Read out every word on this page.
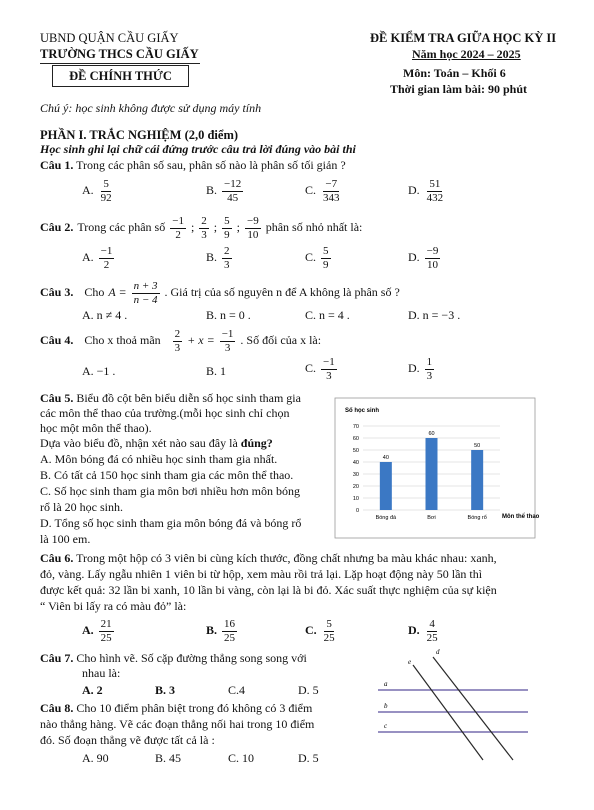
UBND QUẬN CẦU GIẤY
TRƯỜNG THCS CẦU GIẤY
ĐỀ CHÍNH THỨC
ĐỀ KIỂM TRA GIỮA HỌC KỲ II
Năm học 2024 – 2025
Môn: Toán – Khối 6
Thời gian làm bài: 90 phút
Chú ý: học sinh không được sử dụng máy tính
PHẦN I. TRẮC NGHIỆM (2,0 điểm)
Học sinh ghi lại chữ cái đứng trước câu trả lời đúng vào bài thi
Câu 1. Trong các phân số sau, phân số nào là phân số tối giản ?
A. $\frac{5}{92}$	B. $\frac{-12}{45}$	C. $\frac{-7}{343}$	D. $\frac{51}{432}$
Câu 2. Trong các phân số $\frac{-1}{2}$ ; $\frac{2}{3}$ ; $\frac{5}{9}$ ; $\frac{-9}{10}$ phân số nhỏ nhất là:
A. $\frac{-1}{2}$	B. $\frac{2}{3}$	C. $\frac{5}{9}$	D. $\frac{-9}{10}$
Câu 3.
Cho $A = \frac{n + 3}{n - 4}$ . Giá trị của số nguyên n để A không là phân số ?
A. n ≠ 4 .	B. n = 0 .	C. n = 4 .	D. n = −3 .
Câu 4.
Cho x thoả mãn
$\frac{2}{3} + x = \frac{-1}{3}$ . Số đối của x là:
A. −1 .	B. 1	C. $\frac{-1}{3}$	D. $\frac{1}{3}$
Câu 5. Biểu đồ cột bên biểu diễn số học sinh tham gia
các môn thể thao của trường.(mỗi học sinh chỉ chọn
học một môn thể thao).
Dựa vào biểu đồ, nhận xét nào sau đây là đúng?
A. Môn bóng đá có nhiều học sinh tham gia nhất.
B. Có tất cả 150 học sinh tham gia các môn thể thao.
C. Số học sinh tham gia môn bơi nhiều hơn môn bóng
rổ là 20 học sinh.
D. Tổng số học sinh tham gia môn bóng đá và bóng rổ
là 100 em.
Số học sinh
Môn thể thao
0
10
20
30
40
50
60
70
40
Bóng đá
60
Bơi
50
Bóng rổ
Câu 6. Trong một hộp có 3 viên bi cùng kích thước, đồng chất nhưng ba màu khác nhau: xanh,
đỏ, vàng. Lấy ngẫu nhiên 1 viên bi từ hộp, xem màu rồi trả lại. Lặp hoạt động này 50 lần thì
được kết quả: 32 lần bi xanh, 10 lần bi vàng, còn lại là bi đỏ. Xác suất thực nghiệm của sự kiện
“ Viên bi lấy ra có màu đỏ” là:
A. $\frac{21}{25}$	B. $\frac{16}{25}$	C. $\frac{5}{25}$	D. $\frac{4}{25}$
Câu 7. Cho hình vẽ. Số cặp đường thẳng song song với
nhau là:
A. 2	B. 3	C.4	D. 5	a
b
c
e
d
Câu 8. Cho 10 điểm phân biệt trong đó không có 3 điểm
nào thẳng hàng. Vẽ các đoạn thẳng nối hai trong 10 điểm
đó. Số đoạn thẳng vẽ được tất cả là :
A. 90	B. 45	C. 10	D. 5
